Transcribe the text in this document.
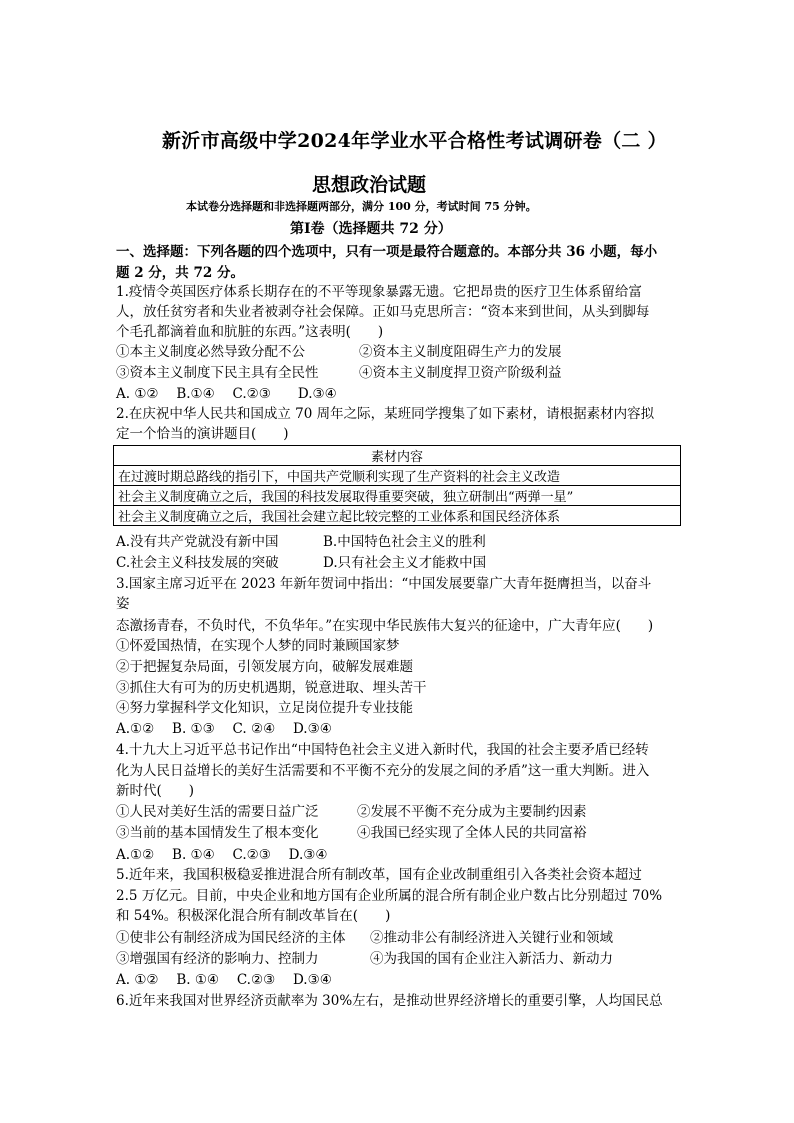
新沂市高级中学2024年学业水平合格性考试调研卷（二 ）
思想政治试题
本试卷分选择题和非选择题两部分，满分 100 分，考试时间 75 分钟。
第Ⅰ卷（选择题共 72 分）
一、选择题：下列各题的四个选项中，只有一项是最符合题意的。本部分共 36 小题，每小
题 2 分，共 72 分。
1.疫情令英国医疗体系长期存在的不平等现象暴露无遗。它把昂贵的医疗卫生体系留给富
人，放任贫穷者和失业者被剥夺社会保障。正如马克思所言：“资本来到世间，从头到脚每
个毛孔都滴着血和肮脏的东西。”这表明(　　)
①本主义制度必然导致分配不公	②资本主义制度阻碍生产力的发展
③资本主义制度下民主具有全民性	④资本主义制度捍卫资产阶级利益
A. ①②　 B.①④　 C.②③　　D.③④
2.在庆祝中华人民共和国成立 70 周年之际，某班同学搜集了如下素材，请根据素材内容拟
定一个恰当的演讲题目(　　)
素材内容
在过渡时期总路线的指引下，中国共产党顺利实现了生产资料的社会主义改造
社会主义制度确立之后，我国的科技发展取得重要突破，独立研制出“两弹一星”
社会主义制度确立之后，我国社会建立起比较完整的工业体系和国民经济体系
A.没有共产党就没有新中国	B.中国特色社会主义的胜利
C.社会主义科技发展的突破	D.只有社会主义才能救中国
3.国家主席习近平在 2023 年新年贺词中指出：“中国发展要靠广大青年挺膺担当，以奋斗
姿
态激扬青春，不负时代，不负华年。”在实现中华民族伟大复兴的征途中，广大青年应(　　)
①怀爱国热情，在实现个人梦的同时兼顾国家梦
②于把握复杂局面，引领发展方向，破解发展难题
③抓住大有可为的历史机遇期，锐意进取、埋头苦干
④努力掌握科学文化知识，立足岗位提升专业技能
A.①②　 B. ①③　 C. ②④　 D.③④
4.十九大上习近平总书记作出“中国特色社会主义进入新时代，我国的社会主要矛盾已经转
化为人民日益增长的美好生活需要和不平衡不充分的发展之间的矛盾”这一重大判断。进入
新时代(　　)
①人民对美好生活的需要日益广泛	②发展不平衡不充分成为主要制约因素
③当前的基本国情发生了根本变化	④我国已经实现了全体人民的共同富裕
A.①②　 B. ①④　 C.②③　 D.③④
5.近年来，我国积极稳妥推进混合所有制改革，国有企业改制重组引入各类社会资本超过
2.5 万亿元。目前，中央企业和地方国有企业所属的混合所有制企业户数占比分别超过 70%
和 54%。积极深化混合所有制改革旨在(　　)
①使非公有制经济成为国民经济的主体 ②推动非公有制经济进入关键行业和领域
③增强国有经济的影响力、控制力	④为我国的国有企业注入新活力、新动力
A. ①②　 B. ①④　 C.②③　 D.③④
6.近年来我国对世界经济贡献率为 30%左右，是推动世界经济增长的重要引擎，人均国民总
